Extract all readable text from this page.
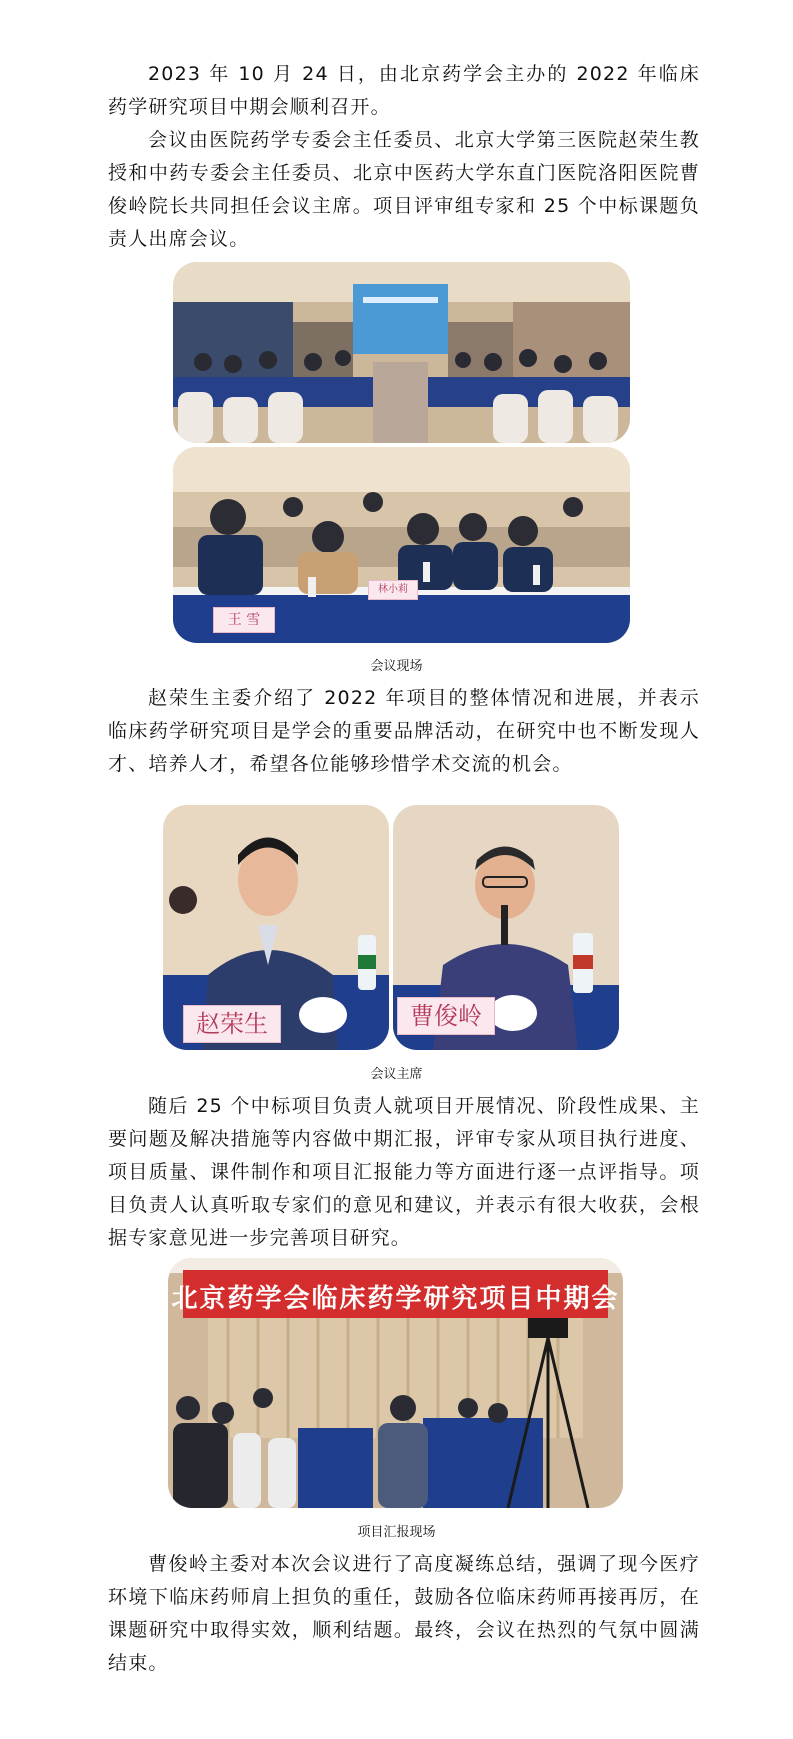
2023 年 10 月 24 日，由北京药学会主办的 2022 年临床药学研究项目中期会顺利召开。

会议由医院药学专委会主任委员、北京大学第三医院赵荣生教授和中药专委会主任委员、北京中医药大学东直门医院洛阳医院曹俊岭院长共同担任会议主席。项目评审组专家和 25 个中标课题负责人出席会议。

王 雪
林小莉

会议现场

赵荣生主委介绍了 2022 年项目的整体情况和进展，并表示临床药学研究项目是学会的重要品牌活动，在研究中也不断发现人才、培养人才，希望各位能够珍惜学术交流的机会。

赵荣生	曹俊岭

会议主席

随后 25 个中标项目负责人就项目开展情况、阶段性成果、主要问题及解决措施等内容做中期汇报，评审专家从项目执行进度、项目质量、课件制作和项目汇报能力等方面进行逐一点评指导。项目负责人认真听取专家们的意见和建议，并表示有很大收获，会根据专家意见进一步完善项目研究。

北京药学会临床药学研究项目中期会

项目汇报现场

曹俊岭主委对本次会议进行了高度凝练总结，强调了现今医疗环境下临床药师肩上担负的重任，鼓励各位临床药师再接再厉，在课题研究中取得实效，顺利结题。最终，会议在热烈的气氛中圆满结束。
